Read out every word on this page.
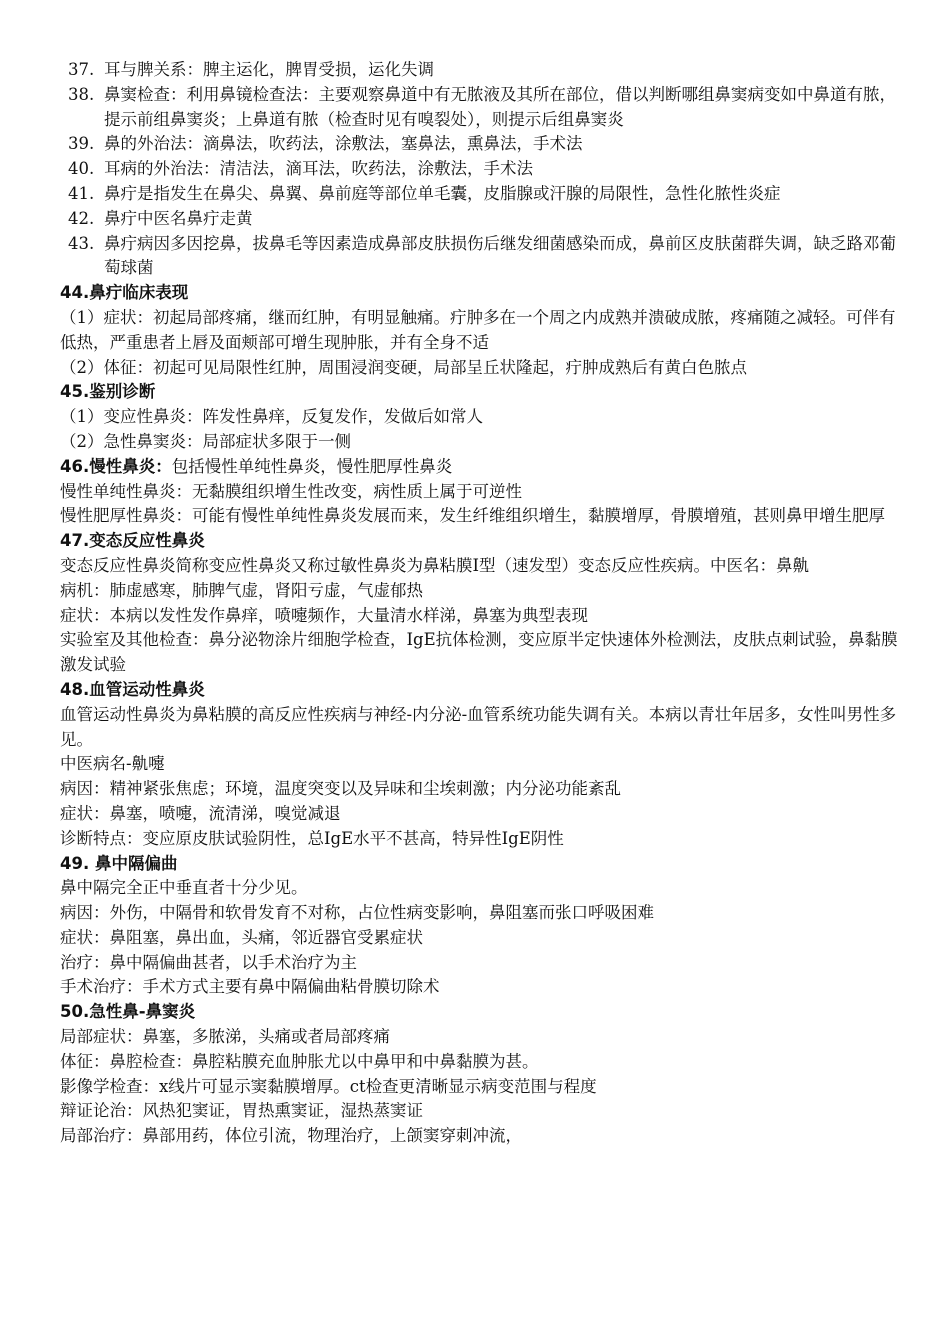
37. 耳与脾关系：脾主运化，脾胃受损，运化失调
38. 鼻窦检查：利用鼻镜检查法：主要观察鼻道中有无脓液及其所在部位，借以判断哪组鼻窦病变如中鼻道有脓，提示前组鼻窦炎；上鼻道有脓（检查时见有嗅裂处），则提示后组鼻窦炎
39. 鼻的外治法：滴鼻法，吹药法，涂敷法，塞鼻法，熏鼻法，手术法
40. 耳病的外治法：清洁法，滴耳法，吹药法，涂敷法，手术法
41. 鼻疔是指发生在鼻尖、鼻翼、鼻前庭等部位单毛囊，皮脂腺或汗腺的局限性，急性化脓性炎症
42. 鼻疔中医名鼻疔走黄
43. 鼻疔病因多因挖鼻，拔鼻毛等因素造成鼻部皮肤损伤后继发细菌感染而成，鼻前区皮肤菌群失调，缺乏路邓葡萄球菌
44.鼻疔临床表现

（1）症状：初起局部疼痛，继而红肿，有明显触痛。疔肿多在一个周之内成熟并溃破成脓，疼痛随之减轻。可伴有低热，严重患者上唇及面颊部可增生现肿胀，并有全身不适

（2）体征：初起可见局限性红肿，周围浸润变硬，局部呈丘状隆起，疔肿成熟后有黄白色脓点

45.鉴别诊断

（1）变应性鼻炎：阵发性鼻痒，反复发作，发做后如常人

（2）急性鼻窦炎：局部症状多限于一侧

46.慢性鼻炎：包括慢性单纯性鼻炎，慢性肥厚性鼻炎

慢性单纯性鼻炎：无黏膜组织增生性改变，病性质上属于可逆性

慢性肥厚性鼻炎：可能有慢性单纯性鼻炎发展而来，发生纤维组织增生，黏膜增厚，骨膜增殖，甚则鼻甲增生肥厚

47.变态反应性鼻炎

变态反应性鼻炎简称变应性鼻炎又称过敏性鼻炎为鼻粘膜Ⅰ型（速发型）变态反应性疾病。中医名：鼻鼽

病机：肺虚感寒，肺脾气虚，肾阳亏虚，气虚郁热

症状：本病以发性发作鼻痒，喷嚏频作，大量清水样涕，鼻塞为典型表现

实验室及其他检查：鼻分泌物涂片细胞学检查，IgE抗体检测，变应原半定快速体外检测法，皮肤点刺试验，鼻黏膜激发试验

48.血管运动性鼻炎

血管运动性鼻炎为鼻粘膜的高反应性疾病与神经-内分泌-血管系统功能失调有关。本病以青壮年居多，女性叫男性多见。

中医病名-鼽嚏

病因：精神紧张焦虑；环境，温度突变以及异味和尘埃刺激；内分泌功能紊乱

症状：鼻塞，喷嚏，流清涕，嗅觉减退

诊断特点：变应原皮肤试验阴性，总IgE水平不甚高，特异性IgE阴性

49. 鼻中隔偏曲

鼻中隔完全正中垂直者十分少见。

病因：外伤，中隔骨和软骨发育不对称，占位性病变影响，鼻阻塞而张口呼吸困难

症状：鼻阻塞，鼻出血，头痛，邻近器官受累症状

治疗：鼻中隔偏曲甚者，以手术治疗为主

手术治疗：手术方式主要有鼻中隔偏曲粘骨膜切除术

50.急性鼻-鼻窦炎

局部症状：鼻塞，多脓涕，头痛或者局部疼痛

体征：鼻腔检查：鼻腔粘膜充血肿胀尤以中鼻甲和中鼻黏膜为甚。

影像学检查：x线片可显示窦黏膜增厚。ct检查更清晰显示病变范围与程度

辩证论治：风热犯窦证，胃热熏窦证，湿热蒸窦证

局部治疗：鼻部用药，体位引流，物理治疗，上颌窦穿刺冲流，
